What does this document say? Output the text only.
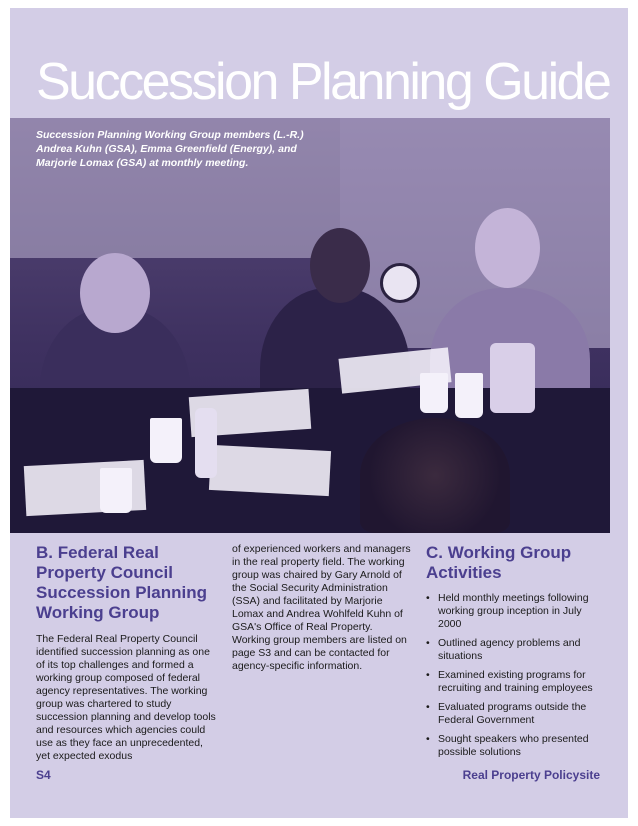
Succession Planning Guide
Succession Planning Working Group members (L.-R.) Andrea Kuhn (GSA), Emma Greenfield (Energy), and Marjorie Lomax (GSA) at monthly meeting.
B. Federal Real Property Council Succession Planning Working Group
The Federal Real Property Council identified succession planning as one of its top challenges and formed a working group composed of federal agency representatives. The working group was chartered to study succession planning and develop tools and resources which agencies could use as they face an unprecedented, yet expected exodus
of experienced workers and managers in the real property field. The working group was chaired by Gary Arnold of the Social Security Administration (SSA) and facilitated by Marjorie Lomax and Andrea Wohlfeld Kuhn of GSA's Office of Real Property. Working group members are listed on page S3 and can be contacted for agency-specific information.
C. Working Group Activities
• Held monthly meetings following working group inception in July 2000
• Outlined agency problems and situations
• Examined existing programs for recruiting and training employees
• Evaluated programs outside the Federal Government
• Sought speakers who presented possible solutions
S4	Real Property Policysite
